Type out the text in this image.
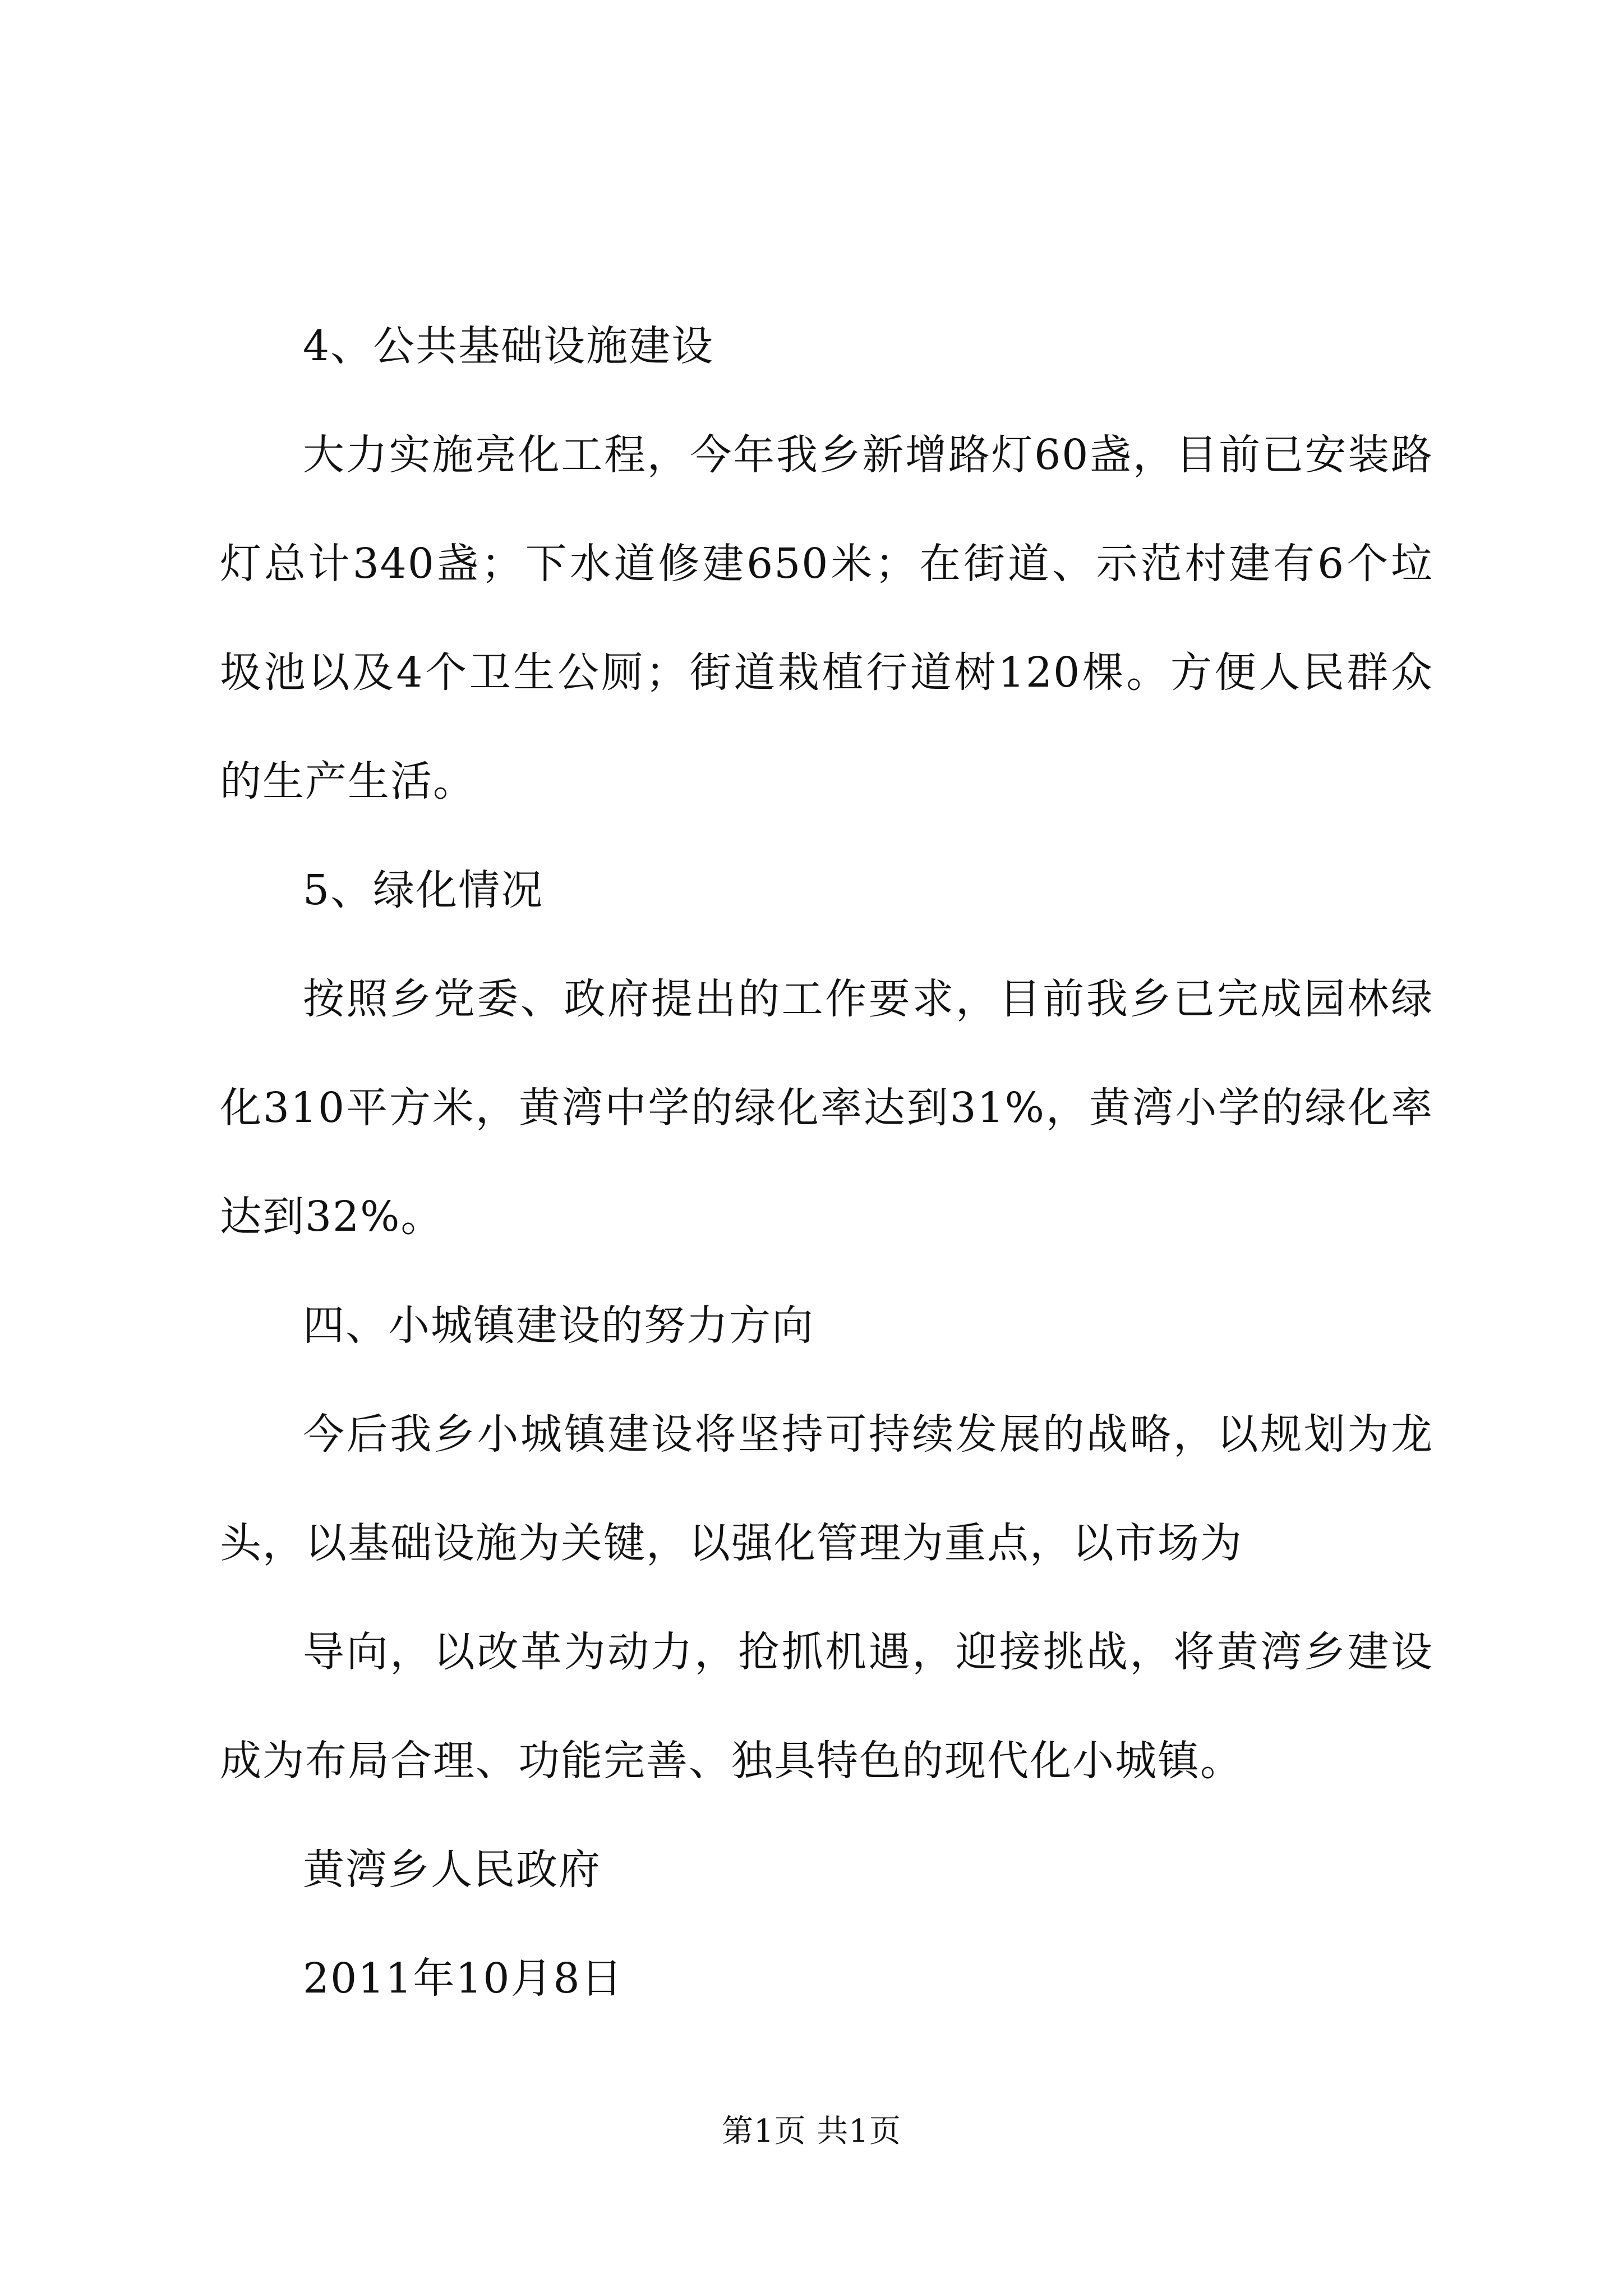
4、公共基础设施建设

大力实施亮化工程，今年我乡新增路灯60盏，目前已安装路灯总计340盏；下水道修建650米；在街道、示范村建有6个垃圾池以及4个卫生公厕；街道栽植行道树120棵。方便人民群众的生产生活。

5、绿化情况

按照乡党委、政府提出的工作要求，目前我乡已完成园林绿化310平方米，黄湾中学的绿化率达到31%，黄湾小学的绿化率达到32%。

四、小城镇建设的努力方向

今后我乡小城镇建设将坚持可持续发展的战略，以规划为龙头，以基础设施为关键，以强化管理为重点，以市场为

导向，以改革为动力，抢抓机遇，迎接挑战，将黄湾乡建设成为布局合理、功能完善、独具特色的现代化小城镇。

黄湾乡人民政府

2011年10月8日

第1页 共1页
